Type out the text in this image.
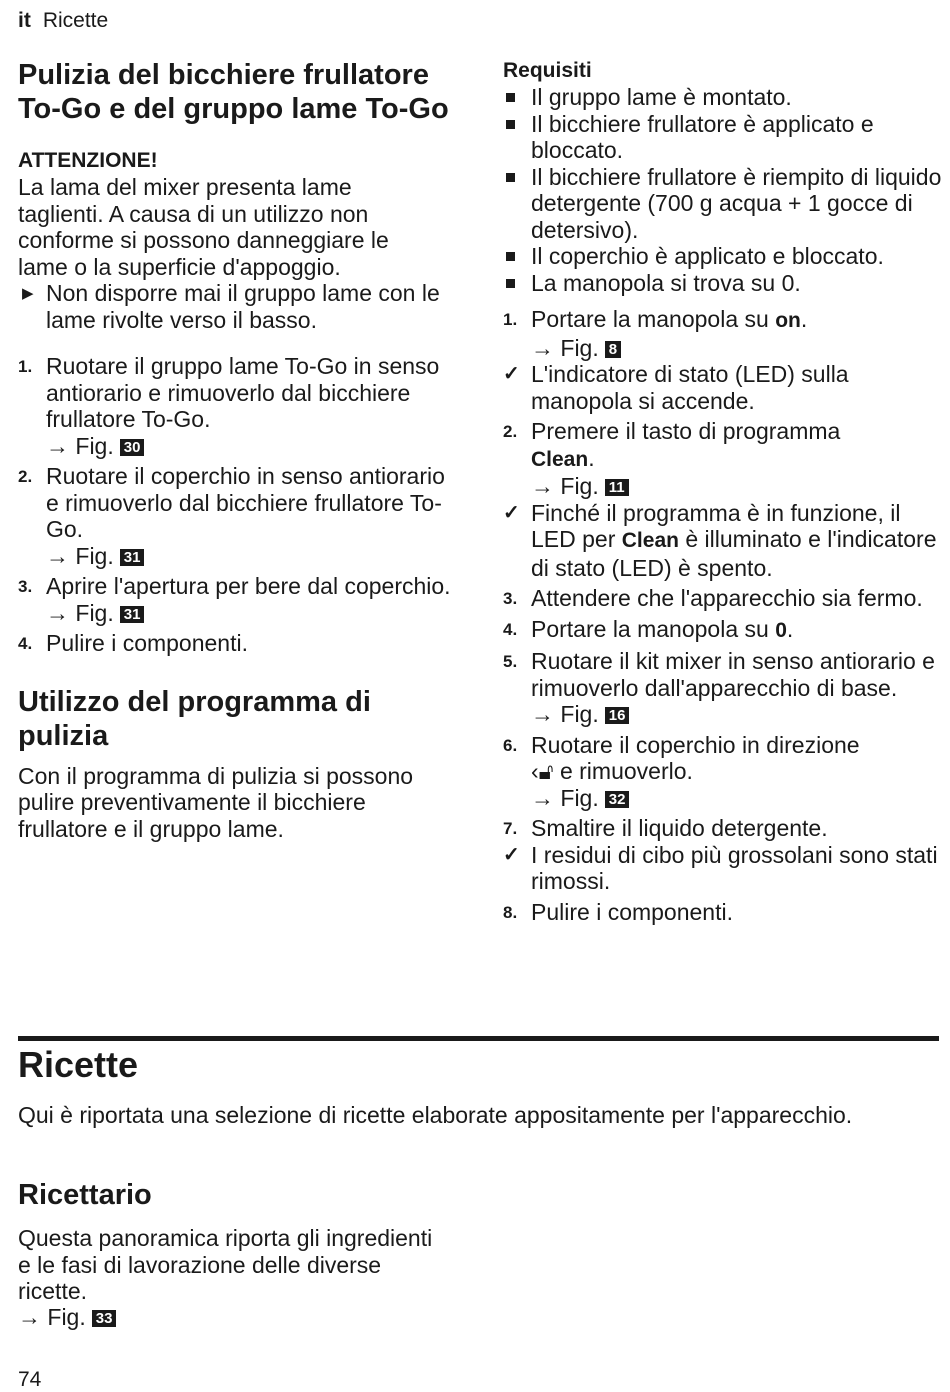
it Ricette
Pulizia del bicchiere frullatore To-Go e del gruppo lame To-Go
ATTENZIONE!

La lama del mixer presenta lame taglienti. A causa di un utilizzo non conforme si possono danneggiare le lame o la superficie d'appoggio.

▶ Non disporre mai il gruppo lame con le lame rivolte verso il basso.
1. Ruotare il gruppo lame To-Go in senso antiorario e rimuoverlo dal bicchiere frullatore To-Go.
→ Fig. 30
2. Ruotare il coperchio in senso antiorario e rimuoverlo dal bicchiere frullatore To-Go.
→ Fig. 31
3. Aprire l'apertura per bere dal coperchio.
→ Fig. 31
4. Pulire i componenti.
Utilizzo del programma di pulizia

Con il programma di pulizia si possono pulire preventivamente il bicchiere frullatore e il gruppo lame.

Requisiti
Il gruppo lame è montato.
Il bicchiere frullatore è applicato e bloccato.
Il bicchiere frullatore è riempito di liquido detergente (700 g acqua + 1 gocce di detersivo).
Il coperchio è applicato e bloccato.
La manopola si trova su 0.
1. Portare la manopola su on.
→ Fig. 8
✓ L'indicatore di stato (LED) sulla manopola si accende.
2. Premere il tasto di programma
Clean.
→ Fig. 11
✓ Finché il programma è in funzione, il LED per Clean è illuminato e l'indicatore di stato (LED) è spento.
3. Attendere che l'apparecchio sia fermo.
4. Portare la manopola su 0.
5. Ruotare il kit mixer in senso antiorario e rimuoverlo dall'apparecchio di base.
→ Fig. 16
6. Ruotare il coperchio in direzione
‹🔓︎ e rimuoverlo.
→ Fig. 32
7. Smaltire il liquido detergente.
✓ I residui di cibo più grossolani sono stati rimossi.
8. Pulire i componenti.
Ricette

Qui è riportata una selezione di ricette elaborate appositamente per l'apparecchio.

Ricettario

Questa panoramica riporta gli ingredienti e le fasi di lavorazione delle diverse ricette.

→ Fig. 33
74
